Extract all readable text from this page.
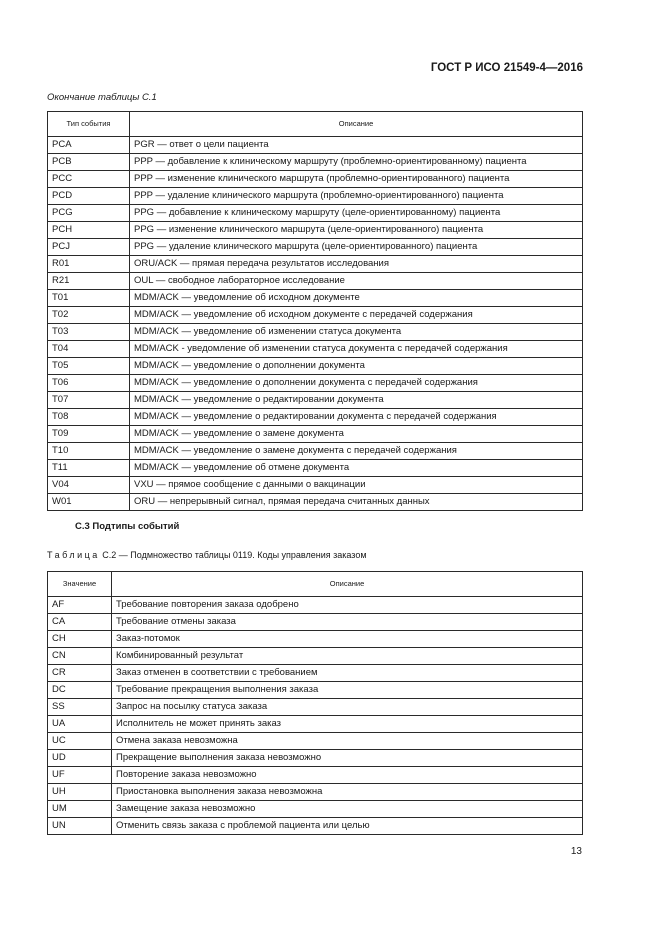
ГОСТ Р ИСО 21549-4—2016
Окончание таблицы С.1
Тип события	Описание
PCA	PGR — ответ о цели пациента
PCB	PPP — добавление к клиническому маршруту (проблемно-ориентированному) пациента
PCC	PPP — изменение клинического маршрута (проблемно-ориентированного) пациента
PCD	PPP — удаление клинического маршрута (проблемно-ориентированного) пациента
PCG	PPG — добавление к клиническому маршруту (целе-ориентированному) пациента
PCH	PPG — изменение клинического маршрута (целе-ориентированного) пациента
PCJ	PPG — удаление клинического маршрута (целе-ориентированного) пациента
R01	ORU/ACK — прямая передача результатов исследования
R21	OUL — свободное лабораторное исследование
T01	MDM/ACK — уведомление об исходном документе
T02	MDM/ACK — уведомление об исходном документе с передачей содержания
T03	MDM/ACK — уведомление об изменении статуса документа
T04	MDM/ACK - уведомление об изменении статуса документа с передачей содержания
T05	MDM/ACK — уведомление о дополнении документа
T06	MDM/ACK — уведомление о дополнении документа с передачей содержания
T07	MDM/ACK — уведомление о редактировании документа
T08	MDM/ACK — уведомление о редактировании документа с передачей содержания
T09	MDM/ACK — уведомление о замене документа
T10	MDM/ACK — уведомление о замене документа с передачей содержания
T11	MDM/ACK — уведомление об отмене документа
V04	VXU — прямое сообщение с данными о вакцинации
W01	ORU — непрерывный сигнал, прямая передача считанных данных
С.3 Подтипы событий
Таблица С.2 — Подмножество таблицы 0119. Коды управления заказом
Значение	Описание
AF	Требование повторения заказа одобрено
CA	Требование отмены заказа
CH	Заказ-потомок
CN	Комбинированный результат
CR	Заказ отменен в соответствии с требованием
DC	Требование прекращения выполнения заказа
SS	Запрос на посылку статуса заказа
UA	Исполнитель не может принять заказ
UC	Отмена заказа невозможна
UD	Прекращение выполнения заказа невозможно
UF	Повторение заказа невозможно
UH	Приостановка выполнения заказа невозможна
UM	Замещение заказа невозможно
UN	Отменить связь заказа с проблемой пациента или целью
13
